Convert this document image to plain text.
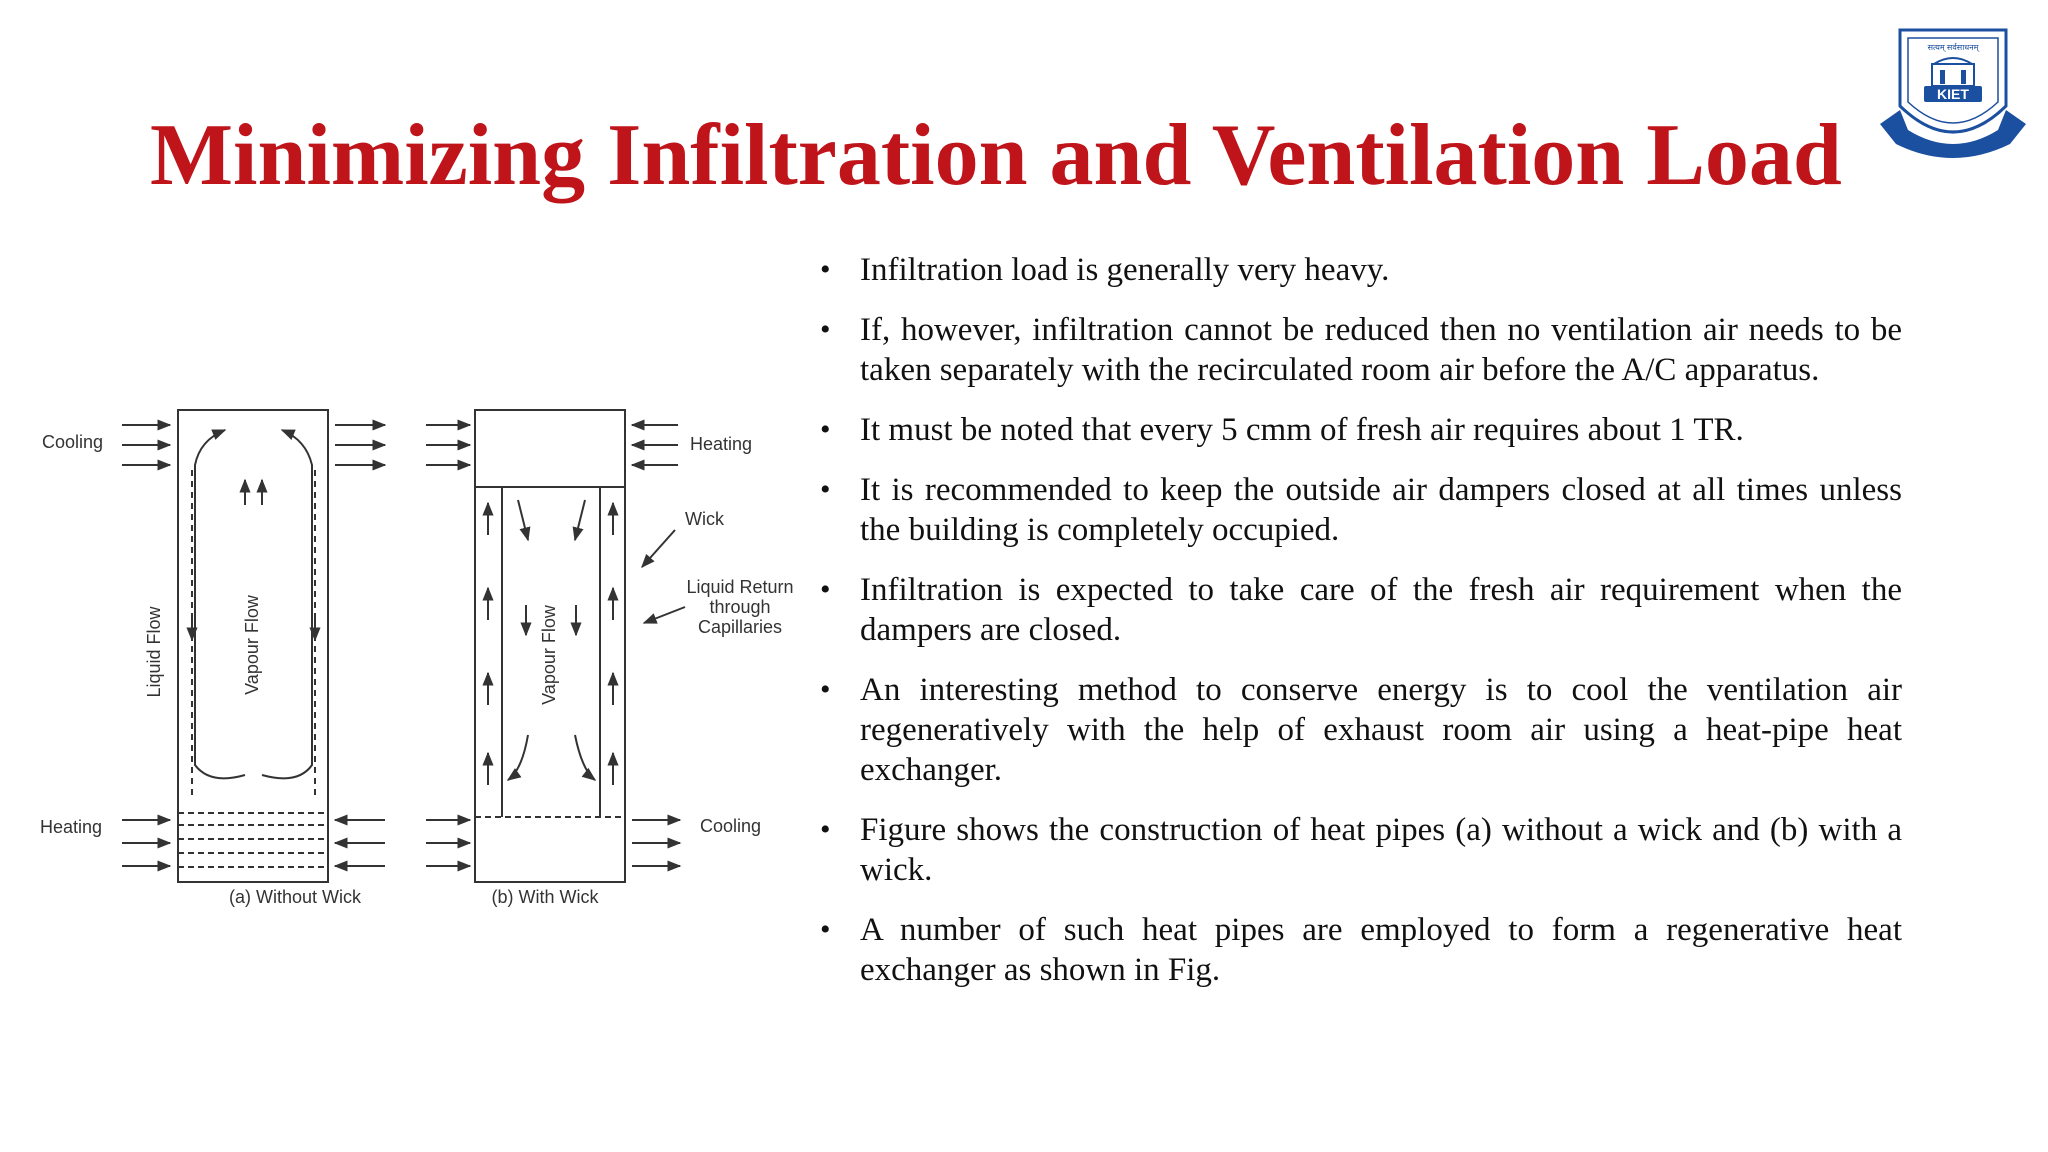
Minimizing Infiltration and Ventilation Load
सत्यम् सर्वसाधनम्
KIET
Cooling
Heating
Liquid Flow	Vapour Flow
(a) Without Wick
Heating
Cooling
Wick
Liquid Return
through
Capillaries
Vapour Flow
(b) With Wick
• Infiltration load is generally very heavy.
• If, however, infiltration cannot be reduced then no ventilation air needs to be taken separately with the recirculated room air before the A/C apparatus.
• It must be noted that every 5 cmm of fresh air requires about 1 TR.
• It is recommended to keep the outside air dampers closed at all times unless the building is completely occupied.
• Infiltration is expected to take care of the fresh air requirement when the dampers are closed.
• An interesting method to conserve energy is to cool the ventilation air regeneratively with the help of exhaust room air using a heat-pipe heat exchanger.
• Figure shows the construction of heat pipes (a) without a wick and (b) with a wick.
• A number of such heat pipes are employed to form a regenerative heat exchanger as shown in Fig.
